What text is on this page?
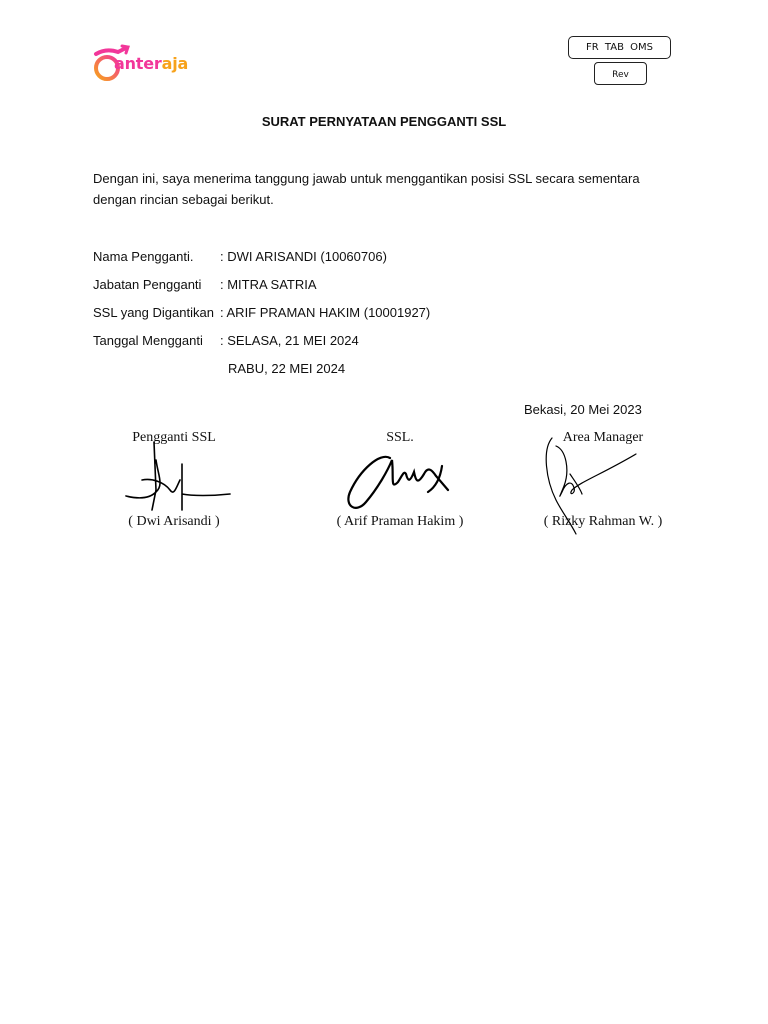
anteraja
FR TAB OMS
Rev
SURAT PERNYATAAN PENGGANTI SSL
Dengan ini, saya menerima tanggung jawab untuk menggantikan posisi SSL secara sementara dengan rincian sebagai berikut.
Nama Pengganti. : DWI ARISANDI (10060706)
Jabatan Pengganti : MITRA SATRIA
SSL yang Digantikan : ARIF PRAMAN HAKIM (10001927)
Tanggal Mengganti : SELASA, 21 MEI 2024
RABU, 22 MEI 2024
Bekasi, 20 Mei 2023
Pengganti SSL
( Dwi Arisandi )
SSL.
( Arif Praman Hakim )
Area Manager
( Rizky Rahman W. )
